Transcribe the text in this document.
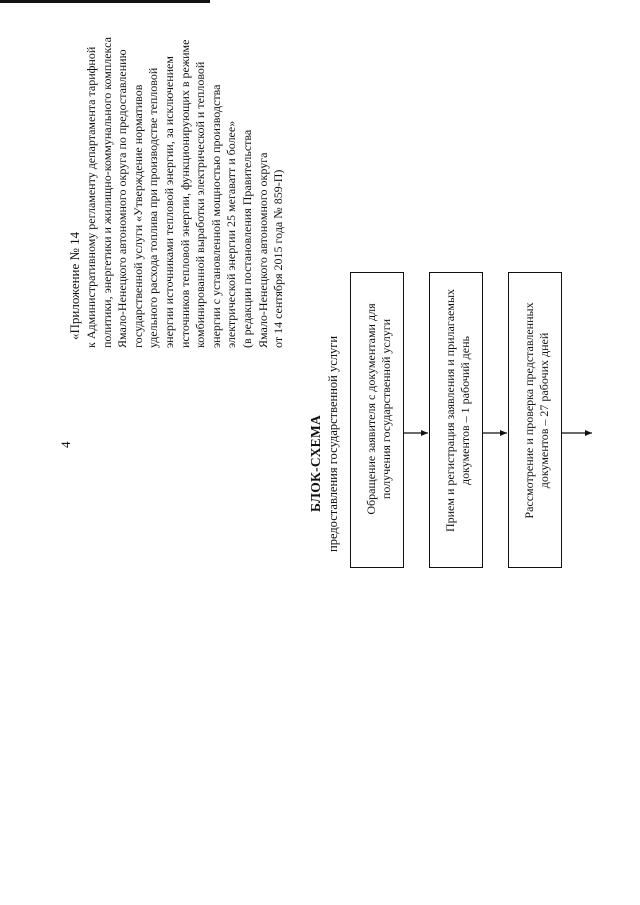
4
«Приложение № 14 к Административному регламенту департамента тарифной политики, энергетики и жилищно-коммунального комплекса Ямало-Ненецкого автономного округа по предоставлению государственной услуги «Утверждение нормативов удельного расхода топлива при производстве тепловой энергии источниками тепловой энергии, за исключением источников тепловой энергии, функционирующих в режиме комбинированной выработки электрической и тепловой энергии с установленной мощностью производства электрической энергии 25 мегаватт и более» (в редакции постановления Правительства Ямало-Ненецкого автономного округа от 14 сентября 2015 года № 859-П)
БЛОК-СХЕМА предоставления государственной услуги Обращение заявителя с документами для получения государственной услуги	Прием и регистрация заявления и прилагаемых документов – 1 рабочий день	Рассмотрение и проверка представленных документов – 27 рабочих дней
